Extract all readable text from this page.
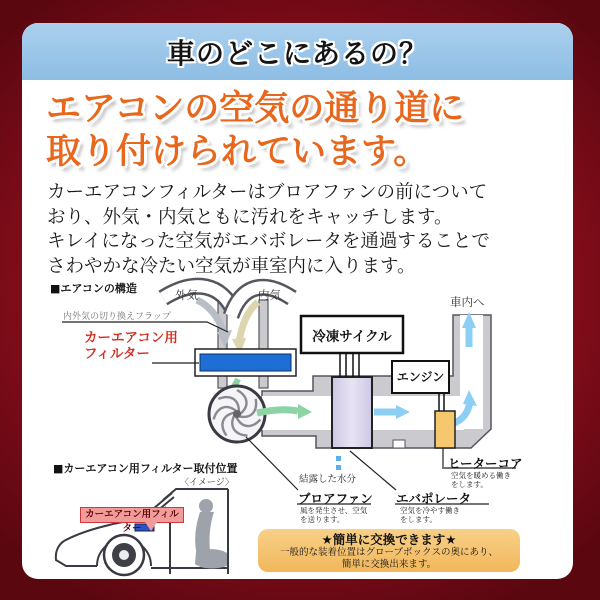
車のどこにあるの？
エアコンの空気の通り道に
取り付けられています。
カーエアコンフィルターはブロアファンの前について
おり、外気・内気ともに汚れをキャッチします。
キレイになった空気がエバボレータを通過することで
さわやかな冷たい空気が車室内に入ります。
■エアコンの構造	外気	内気
内外気の切り換えフラップ
カーエアコン用
フィルター
冷凍サイクル
エンジン
車内へ
結露した水分
ブロアファン
風を発生させ、空気
を送ります。
エバポレータ
空気を冷やす働き
をします。
ヒーターコア
空気を暖める働き
をします。
■カーエアコン用フィルター取付位置
〈イメージ〉
カーエアコン用フィルター
★簡単に交換できます★
一般的な装着位置はグローブボックスの奥にあり、
簡単に交換出来ます。
